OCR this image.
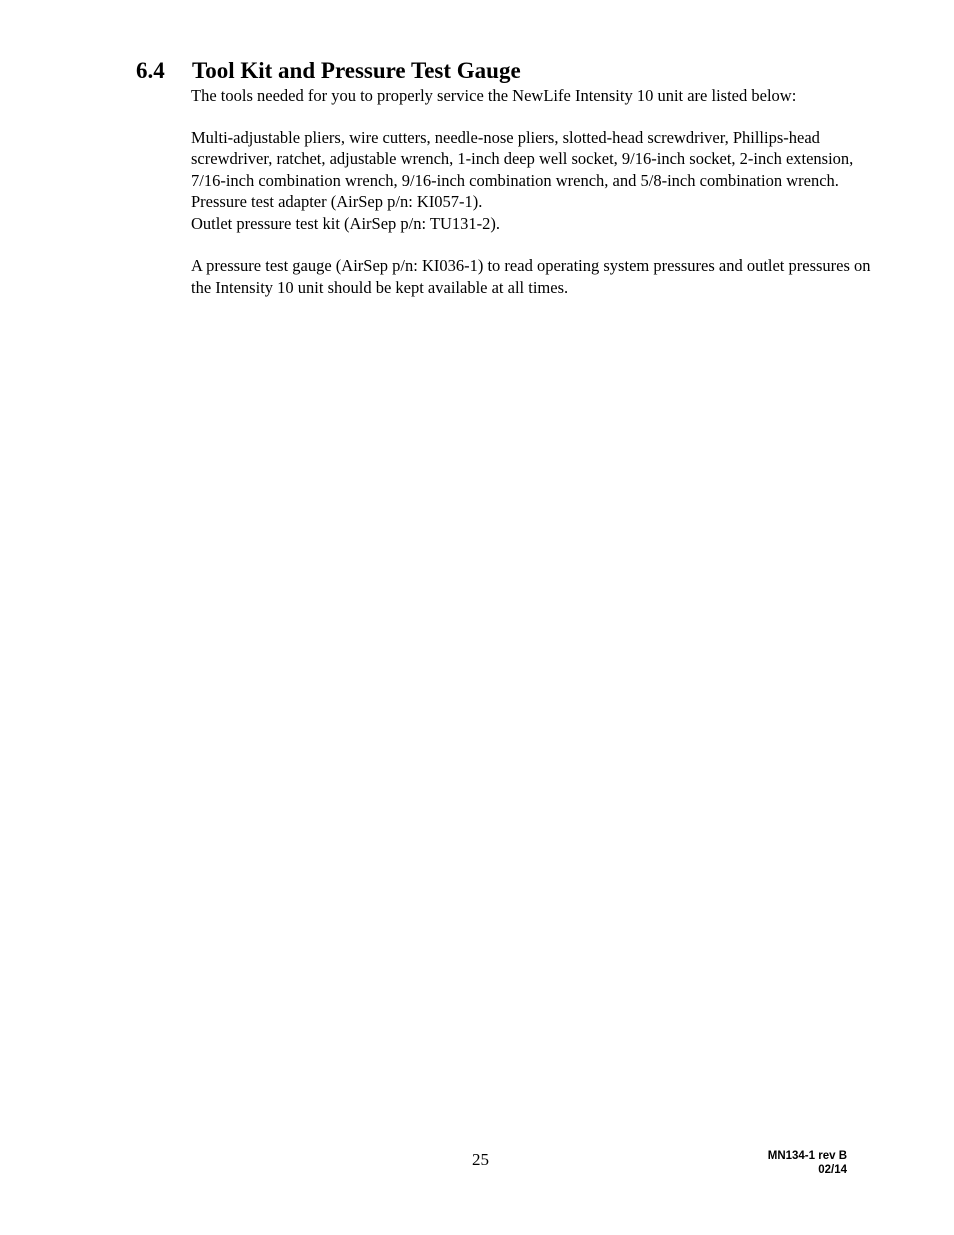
6.4 Tool Kit and Pressure Test Gauge

The tools needed for you to properly service the NewLife Intensity 10 unit are listed below:

Multi-adjustable pliers, wire cutters, needle-nose pliers, slotted-head screwdriver, Phillips-head screwdriver, ratchet, adjustable wrench, 1-inch deep well socket, 9/16-inch socket, 2-inch extension, 7/16-inch combination wrench, 9/16-inch combination wrench, and 5/8-inch combination wrench.

Pressure test adapter (AirSep p/n: KI057-1).

Outlet pressure test kit (AirSep p/n: TU131-2).

A pressure test gauge (AirSep p/n: KI036-1) to read operating system pressures and outlet pressures on the Intensity 10 unit should be kept available at all times.

25	MN134-1 rev B
02/14
